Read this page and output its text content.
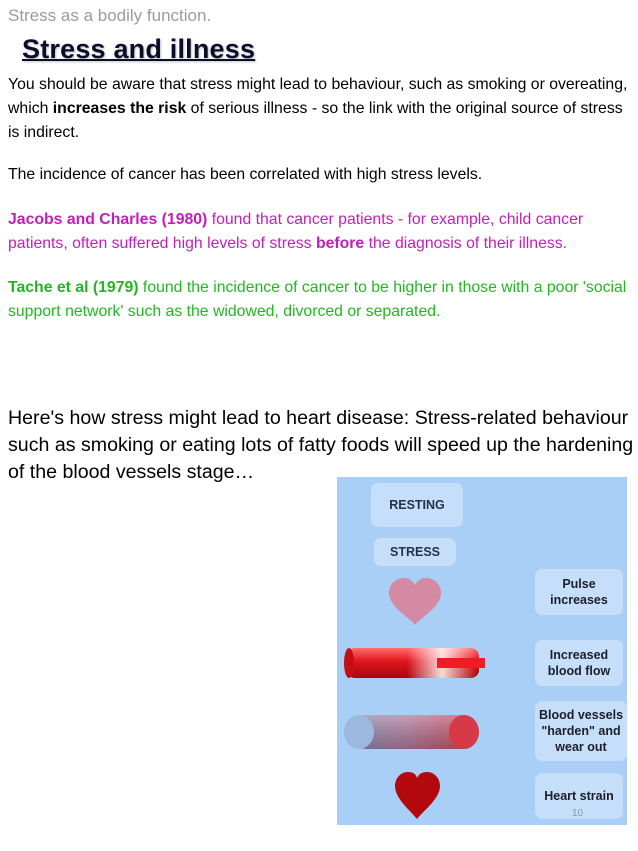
Stress as a bodily function.
Stress and illness
You should be aware that stress might lead to behaviour, such as smoking or overeating, which increases the risk of serious illness - so the link with the original source of stress is indirect.
The incidence of cancer has been correlated with high stress levels.
Jacobs and Charles (1980) found that cancer patients - for example, child cancer patients, often suffered high levels of stress before the diagnosis of their illness.
Tache et al (1979) found the incidence of cancer to be higher in those with a poor 'social support network' such as the widowed, divorced or separated.
Here's how stress might lead to heart disease: Stress-related behaviour such as smoking or eating lots of fatty foods will speed up the hardening of the blood vessels stage…
RESTING
STRESS
Pulse
increases
Increased
blood flow
Blood vessels
"harden" and
wear out
Heart strain
10
